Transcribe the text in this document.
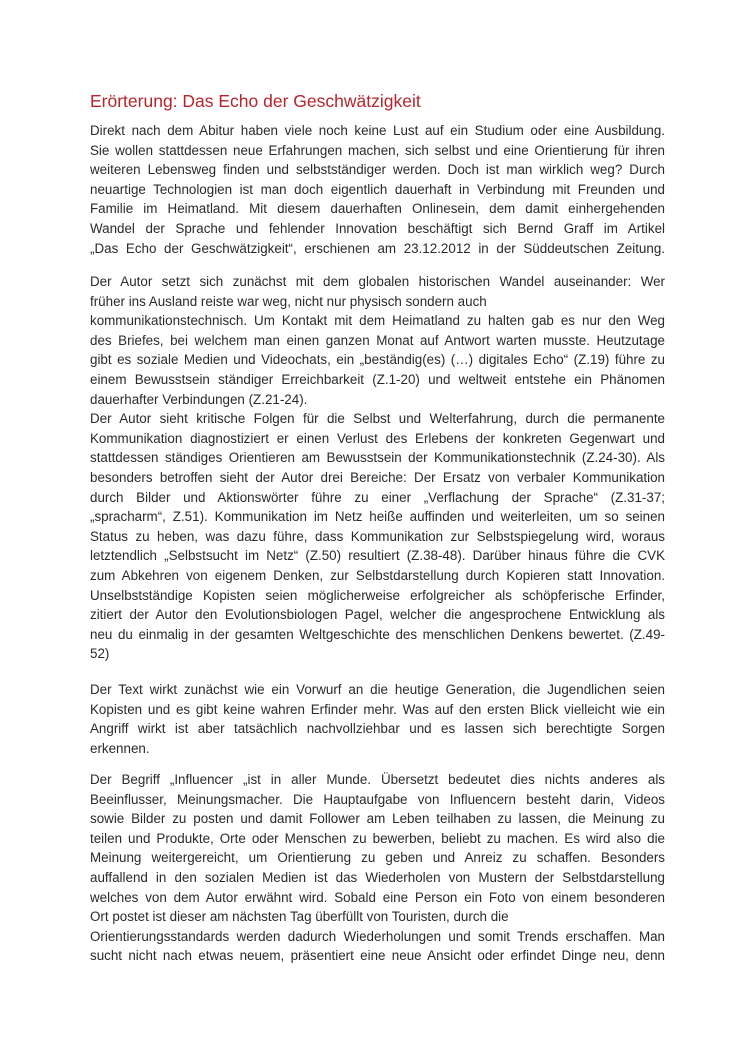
Erörterung: Das Echo der Geschwätzigkeit
Direkt nach dem Abitur haben viele noch keine Lust auf ein Studium oder eine Ausbildung.
Sie wollen stattdessen neue Erfahrungen machen, sich selbst und eine Orientierung für ihren
weiteren Lebensweg finden und selbstständiger werden. Doch ist man wirklich weg? Durch
neuartige Technologien ist man doch eigentlich dauerhaft in Verbindung mit Freunden und
Familie im Heimatland. Mit diesem dauerhaften Onlinesein, dem damit einhergehenden
Wandel der Sprache und fehlender Innovation beschäftigt sich Bernd Graff im Artikel
„Das Echo der Geschwätzigkeit“, erschienen am 23.12.2012 in der Süddeutschen Zeitung.
Der Autor setzt sich zunächst mit dem globalen historischen Wandel auseinander: Wer
früher ins Ausland reiste war weg, nicht nur physisch sondern auch
kommunikationstechnisch. Um Kontakt mit dem Heimatland zu halten gab es nur den Weg
des Briefes, bei welchem man einen ganzen Monat auf Antwort warten musste. Heutzutage
gibt es soziale Medien und Videochats, ein „beständig(es) (…) digitales Echo“ (Z.19) führe zu
einem Bewusstsein ständiger Erreichbarkeit (Z.1-20) und weltweit entstehe ein Phänomen
dauerhafter Verbindungen (Z.21-24).
Der Autor sieht kritische Folgen für die Selbst und Welterfahrung, durch die permanente
Kommunikation diagnostiziert er einen Verlust des Erlebens der konkreten Gegenwart und
stattdessen ständiges Orientieren am Bewusstsein der Kommunikationstechnik (Z.24-30). Als
besonders betroffen sieht der Autor drei Bereiche: Der Ersatz von verbaler Kommunikation
durch Bilder und Aktionswörter führe zu einer „Verflachung der Sprache“ (Z.31-37;
„spracharm“, Z.51). Kommunikation im Netz heiße auffinden und weiterleiten, um so seinen
Status zu heben, was dazu führe, dass Kommunikation zur Selbstspiegelung wird, woraus
letztendlich „Selbstsucht im Netz“ (Z.50) resultiert (Z.38-48). Darüber hinaus führe die CVK
zum Abkehren von eigenem Denken, zur Selbstdarstellung durch Kopieren statt Innovation.
Unselbstständige Kopisten seien möglicherweise erfolgreicher als schöpferische Erfinder,
zitiert der Autor den Evolutionsbiologen Pagel, welcher die angesprochene Entwicklung als
neu du einmalig in der gesamten Weltgeschichte des menschlichen Denkens bewertet. (Z.49-
52)
Der Text wirkt zunächst wie ein Vorwurf an die heutige Generation, die Jugendlichen seien
Kopisten und es gibt keine wahren Erfinder mehr. Was auf den ersten Blick vielleicht wie ein
Angriff wirkt ist aber tatsächlich nachvollziehbar und es lassen sich berechtigte Sorgen
erkennen.
Der Begriff „Influencer „ist in aller Munde. Übersetzt bedeutet dies nichts anderes als
Beeinflusser, Meinungsmacher. Die Hauptaufgabe von Influencern besteht darin, Videos
sowie Bilder zu posten und damit Follower am Leben teilhaben zu lassen, die Meinung zu
teilen und Produkte, Orte oder Menschen zu bewerben, beliebt zu machen. Es wird also die
Meinung weitergereicht, um Orientierung zu geben und Anreiz zu schaffen. Besonders
auffallend in den sozialen Medien ist das Wiederholen von Mustern der Selbstdarstellung
welches von dem Autor erwähnt wird. Sobald eine Person ein Foto von einem besonderen
Ort postet ist dieser am nächsten Tag überfüllt von Touristen, durch die
Orientierungsstandards werden dadurch Wiederholungen und somit Trends erschaffen. Man
sucht nicht nach etwas neuem, präsentiert eine neue Ansicht oder erfindet Dinge neu, denn
